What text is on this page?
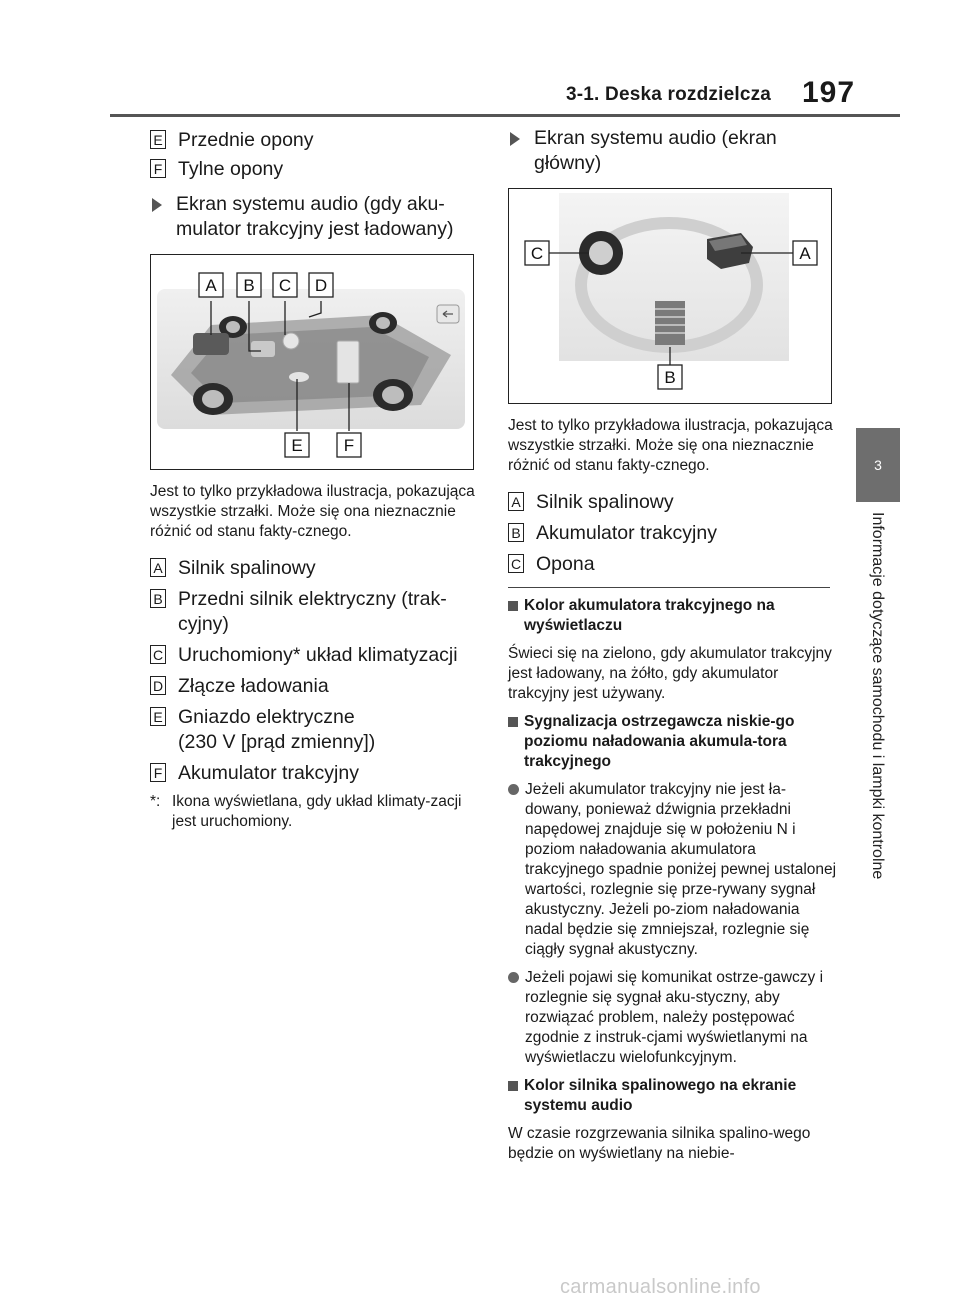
3-1. Deska rozdzielcza 197
3
Informacje dotyczące samochodu i lampki kontrolne
E Przednie opony
F Tylne opony
Ekran systemu audio (gdy aku-
mulator trakcyjny jest ładowany)
A B C D
E F
Jest to tylko przykładowa ilustracja, pokazująca wszystkie strzałki. Może się ona nieznacznie różnić od stanu fakty-cznego.
A Silnik spalinowy
B Przedni silnik elektryczny (trak-cyjny)
C Uruchomiony* układ klimatyzacji
D Złącze ładowania
E Gniazdo elektryczne
(230 V [prąd zmienny])
F Akumulator trakcyjny
*: Ikona wyświetlana, gdy układ klimaty-zacji jest uruchomiony.
Ekran systemu audio (ekran
główny)
C	A
B
Jest to tylko przykładowa ilustracja, pokazująca wszystkie strzałki. Może się ona nieznacznie różnić od stanu fakty-cznego.
A Silnik spalinowy
B Akumulator trakcyjny
C Opona
Kolor akumulatora trakcyjnego na wyświetlaczu
Świeci się na zielono, gdy akumulator trakcyjny jest ładowany, na żółto, gdy akumulator trakcyjny jest używany.
Sygnalizacja ostrzegawcza niskie-go poziomu naładowania akumula-tora trakcyjnego
Jeżeli akumulator trakcyjny nie jest ła-dowany, ponieważ dźwignia przekładni napędowej znajduje się w położeniu N i poziom naładowania akumulatora trakcyjnego spadnie poniżej pewnej ustalonej wartości, rozlegnie się prze-rywany sygnał akustyczny. Jeżeli po-ziom naładowania nadal będzie się zmniejszał, rozlegnie się ciągły sygnał akustyczny.
Jeżeli pojawi się komunikat ostrze-gawczy i rozlegnie się sygnał aku-styczny, aby rozwiązać problem, należy postępować zgodnie z instruk-cjami wyświetlanymi na wyświetlaczu wielofunkcyjnym.
Kolor silnika spalinowego na ekranie systemu audio
W czasie rozgrzewania silnika spalino-wego będzie on wyświetlany na niebie-
carmanualsonline.info
